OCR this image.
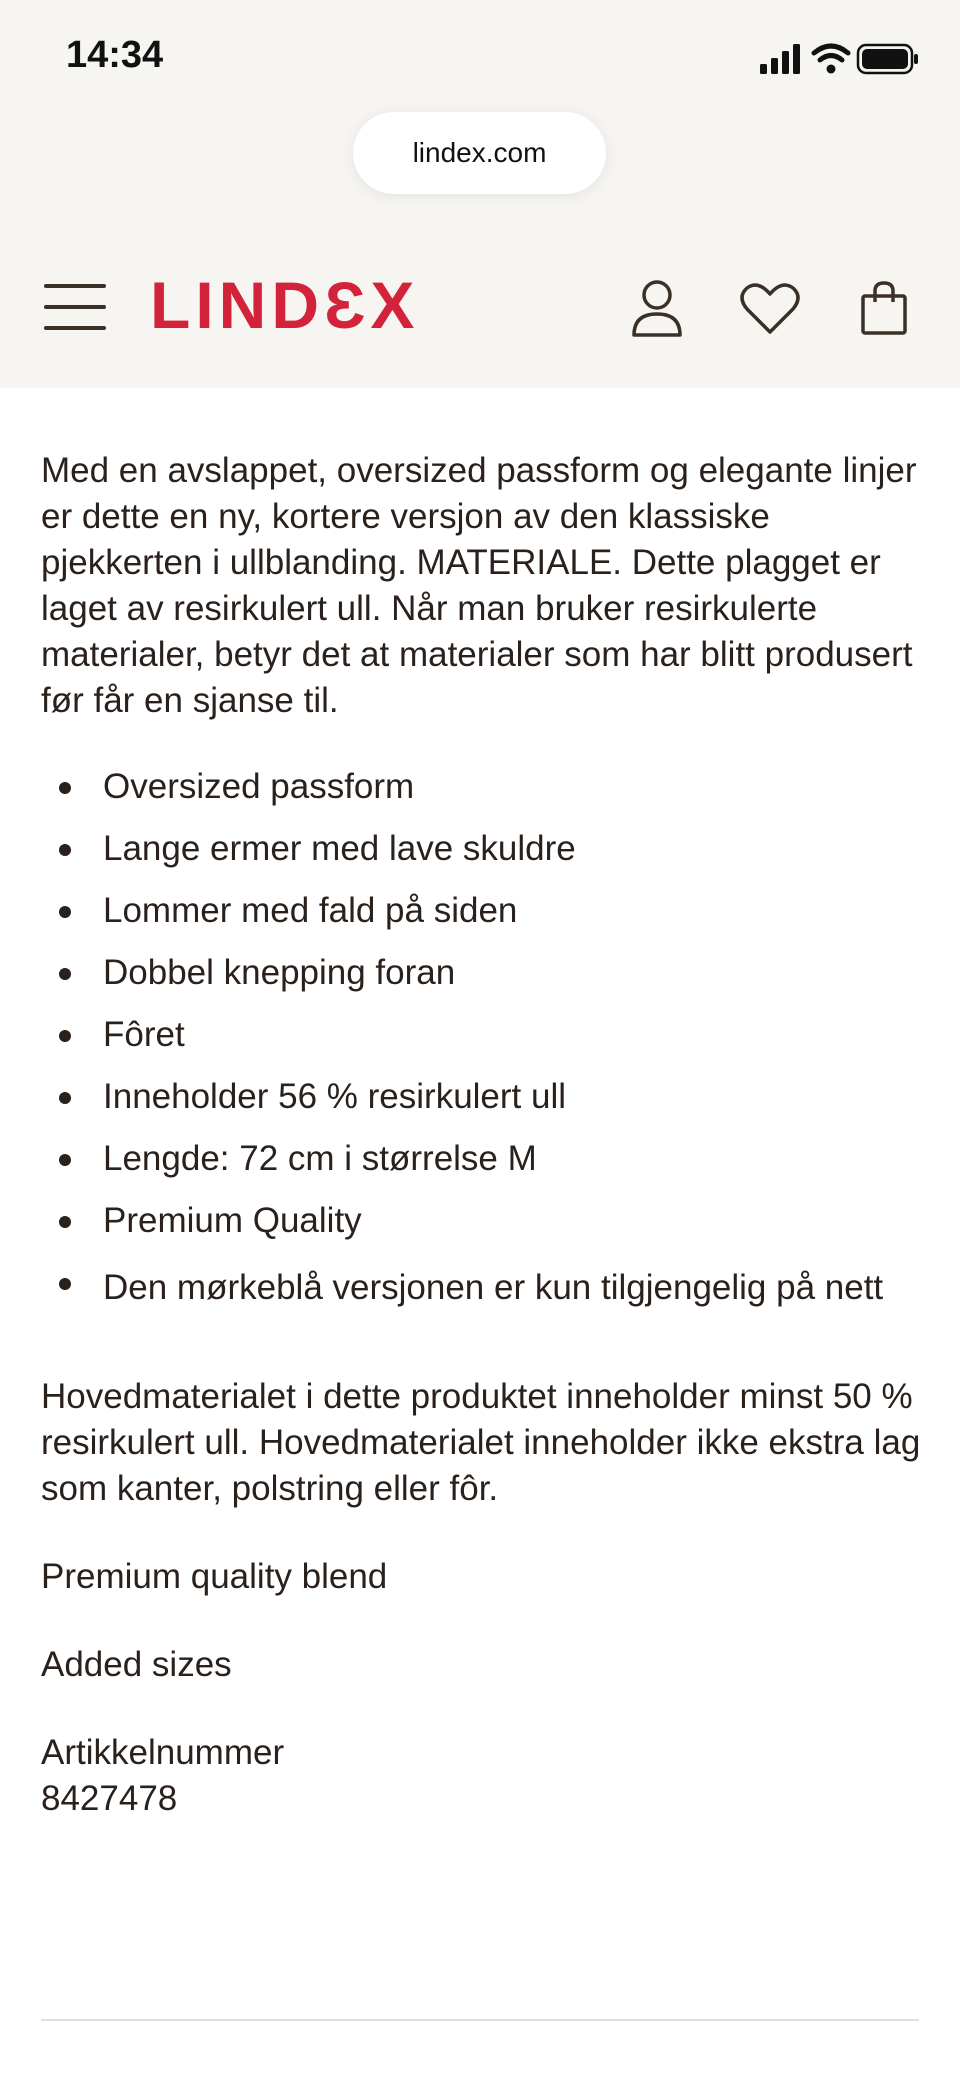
14:34
lindex.com
LINDƐX

Med en avslappet, oversized passform og elegante linjer er dette en ny, kortere versjon av den klassiske pjekkerten i ullblanding. MATERIALE. Dette plagget er laget av resirkulert ull. Når man bruker resirkulerte materialer, betyr det at materialer som har blitt produsert før får en sjanse til.

Oversized passform
Lange ermer med lave skuldre
Lommer med fald på siden
Dobbel knepping foran
Fôret
Inneholder 56 % resirkulert ull
Lengde: 72 cm i størrelse M
Premium Quality
Den mørkeblå versjonen er kun tilgjengelig på nett

Hovedmaterialet i dette produktet inneholder minst 50 % resirkulert ull. Hovedmaterialet inneholder ikke ekstra lag som kanter, polstring eller fôr.

Premium quality blend

Added sizes

Artikkelnummer

8427478
